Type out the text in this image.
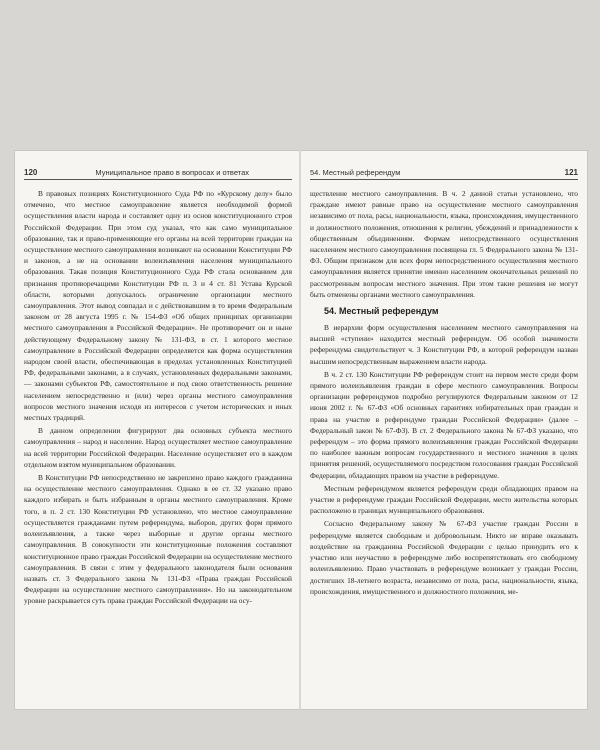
120	Муниципальное право в вопросах и ответах

В правовых позициях Конституционного Суда РФ по «Курскому делу» было отмечено, что местное самоуправление является необходимой формой осуществления власти народа и составляет одну из основ конституционного строя Российской Федерации. При этом суд указал, что как само муниципальное образование, так и право-применяющие его органы на всей территории граждан на осуществление местного самоуправления возникают на основании Конституции РФ и законов, а не на основании волеизъявления населения муниципального образования. Такая позиция Конституционного Суда РФ стала основанием для признания противоречащими Конституции РФ п. 3 и 4 ст. 81 Устава Курской области, которыми допускалось ограничение организации местного самоуправления. Этот вывод совпадал и с действовавшим в то время Федеральным законом от 28 августа 1995 г. № 154-ФЗ «Об общих принципах организации местного самоуправления в Российской Федерации». Не противоречит он и ныне действующему Федеральному закону № 131-ФЗ, в ст. 1 которого местное самоуправление в Российской Федерации определяется как форма осуществления народом своей власти, обеспечивающая в пределах установленных Конституцией РФ, федеральными законами, а в случаях, установленных федеральными законами, — законами субъектов РФ, самостоятельное и под свою ответственность решение населением непосредственно и (или) через органы местного самоуправления вопросов местного значения исходя из интересов с учетом исторических и иных местных традиций.

В данном определении фигурируют два основных субъекта местного самоуправления – народ и население. Народ осуществляет местное самоуправление на всей территории Российской Федерации. Население осуществляет его в каждом отдельном взятом муниципальном образовании.

В Конституции РФ непосредственно не закреплено право каждого гражданина на осуществление местного самоуправления. Однако в ее ст. 32 указано право каждого избирать и быть избранным в органы местного самоуправления. Кроме того, в п. 2 ст. 130 Конституции РФ установлено, что местное самоуправление осуществляется гражданами путем референдума, выборов, других форм прямого волеизъявления, а также через выборные и другие органы местного самоуправления. В совокупности эти конституционные положения составляют конституционное право граждан Российской Федерации на осуществление местного самоуправления. В связи с этим у федерального законодателя были основания назвать ст. 3 Федерального закона № 131-ФЗ «Права граждан Российской Федерации на осуществление местного самоуправления». Но на законодательном уровне раскрывается суть права граждан Российской Федерации на осу-

54. Местный референдум	121

ществление местного самоуправления. В ч. 2 данной статьи установлено, что граждане имеют равные право на осуществление местного самоуправления независимо от пола, расы, национальности, языка, происхождения, имущественного и должностного положения, отношения к религии, убеждений и принадлежности к общественным объединениям. Формам непосредственного осуществления населением местного самоуправления посвящена гл. 5 Федерального закона № 131-ФЗ. Общим признаком для всех форм непосредственного осуществления местного самоуправления является принятие именно населением окончательных решений по рассмотренным вопросам местного значения. При этом такие решения не могут быть отменены органами местного самоуправления.

54. Местный референдум

В иерархии форм осуществления населением местного самоуправления на высшей «ступени» находится местный референдум. Об особой значимости референдума свидетельствует ч. 3 Конституции РФ, в которой референдум назван высшим непосредственным выражением власти народа.

В ч. 2 ст. 130 Конституции РФ референдум стоит на первом месте среди форм прямого волеизъявления граждан в сфере местного самоуправления. Вопросы организации референдумов подробно регулируются Федеральным законом от 12 июня 2002 г. № 67-ФЗ «Об основных гарантиях избирательных прав граждан и права на участие в референдуме граждан Российской Федерации» (далее – Федеральный закон № 67-ФЗ). В ст. 2 Федерального закона № 67-ФЗ указано, что референдум – это форма прямого волеизъявления граждан Российской Федерации по наиболее важным вопросам государственного и местного значения в целях принятия решений, осуществляемого посредством голосования граждан Российской Федерации, обладающих правом на участие в референдуме.

Местным референдумом является референдум среди обладающих правом на участие в референдуме граждан Российской Федерации, место жительства которых расположено в границах муниципального образования.

Согласно Федеральному закону № 67-ФЗ участие граждан России в референдуме является свободным и добровольным. Никто не вправе оказывать воздействие на гражданина Российской Федерации с целью принудить его к участию или неучастию в референдуме либо воспрепятствовать его свободному волеизъявлению. Право участвовать в референдуме возникает у граждан России, достигших 18-летнего возраста, независимо от пола, расы, национальности, языка, происхождения, имущественного и должностного положения, ме-
